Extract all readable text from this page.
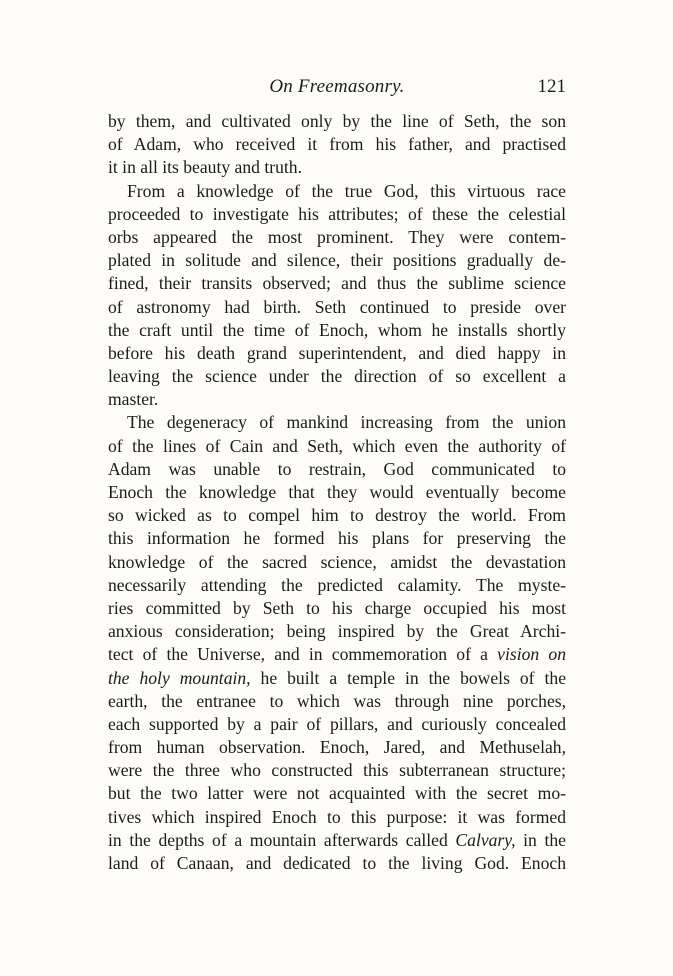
On Freemasonry.	121
by them, and cultivated only by the line of Seth, the son
of Adam, who received it from his father, and practised
it in all its beauty and truth.
From a knowledge of the true God, this virtuous race
proceeded to investigate his attributes; of these the celestial
orbs appeared the most prominent. They were contem-
plated in solitude and silence, their positions gradually de-
fined, their transits observed; and thus the sublime science
of astronomy had birth. Seth continued to preside over
the craft until the time of Enoch, whom he installs shortly
before his death grand superintendent, and died happy in
leaving the science under the direction of so excellent a
master.
The degeneracy of mankind increasing from the union
of the lines of Cain and Seth, which even the authority of
Adam was unable to restrain, God communicated to
Enoch the knowledge that they would eventually become
so wicked as to compel him to destroy the world. From
this information he formed his plans for preserving the
knowledge of the sacred science, amidst the devastation
necessarily attending the predicted calamity. The myste-
ries committed by Seth to his charge occupied his most
anxious consideration; being inspired by the Great Archi-
tect of the Universe, and in commemoration of a vision on
the holy mountain, he built a temple in the bowels of the
earth, the entranee to which was through nine porches,
each supported by a pair of pillars, and curiously concealed
from human observation. Enoch, Jared, and Methuselah,
were the three who constructed this subterranean structure;
but the two latter were not acquainted with the secret mo-
tives which inspired Enoch to this purpose: it was formed
in the depths of a mountain afterwards called Calvary, in the
land of Canaan, and dedicated to the living God. Enoch
